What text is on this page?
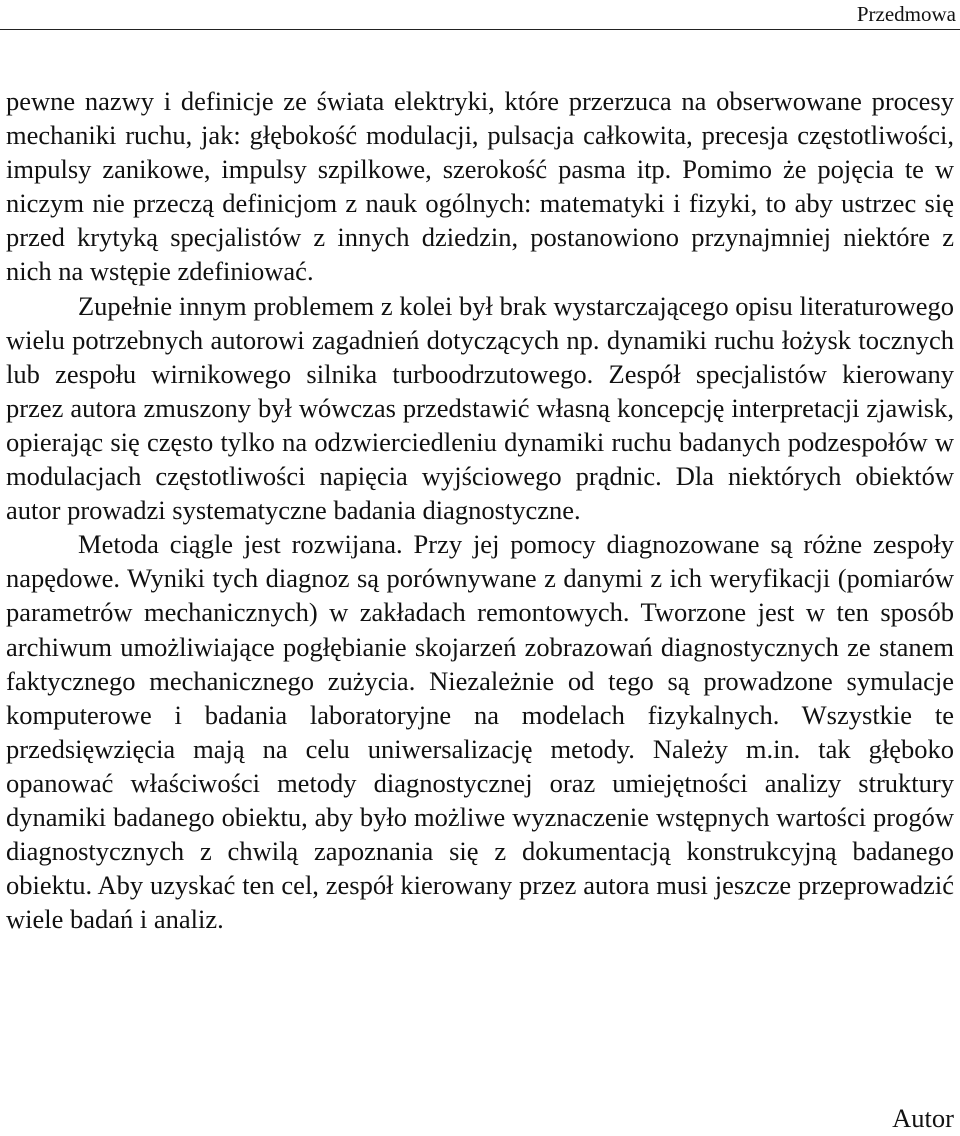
Przedmowa

pewne nazwy i definicje ze świata elektryki, które przerzuca na obserwowane procesy mechaniki ruchu, jak: głębokość modulacji, pulsacja całkowita, precesja częstotliwości, impulsy zanikowe, impulsy szpilkowe, szerokość pasma itp. Pomimo że pojęcia te w niczym nie przeczą definicjom z nauk ogólnych: matematyki i fizyki, to aby ustrzec się przed krytyką specjalistów z innych dziedzin, postanowiono przynajmniej niektóre z nich na wstępie zdefiniować.

Zupełnie innym problemem z kolei był brak wystarczającego opisu literaturowego wielu potrzebnych autorowi zagadnień dotyczących np. dynamiki ruchu łożysk tocznych lub zespołu wirnikowego silnika turboodrzutowego. Zespół specjalistów kierowany przez autora zmuszony był wówczas przedstawić własną koncepcję interpretacji zjawisk, opierając się często tylko na odzwierciedleniu dynamiki ruchu badanych podzespołów w modulacjach częstotliwości napięcia wyjściowego prądnic. Dla niektórych obiektów autor prowadzi systematyczne badania diagnostyczne.

Metoda ciągle jest rozwijana. Przy jej pomocy diagnozowane są różne zespoły napędowe. Wyniki tych diagnoz są porównywane z danymi z ich weryfikacji (pomiarów parametrów mechanicznych) w zakładach remontowych. Tworzone jest w ten sposób archiwum umożliwiające pogłębianie skojarzeń zobrazowań diagnostycznych ze stanem faktycznego mechanicznego zużycia. Niezależnie od tego są prowadzone symulacje komputerowe i badania laboratoryjne na modelach fizykalnych. Wszystkie te przedsięwzięcia mają na celu uniwersalizację metody. Należy m.in. tak głęboko opanować właściwości metody diagnostycznej oraz umiejętności analizy struktury dynamiki badanego obiektu, aby było możliwe wyznaczenie wstępnych wartości progów diagnostycznych z chwilą zapoznania się z dokumentacją konstrukcyjną badanego obiektu. Aby uzyskać ten cel, zespół kierowany przez autora musi jeszcze przeprowadzić wiele badań i analiz.

Autor
